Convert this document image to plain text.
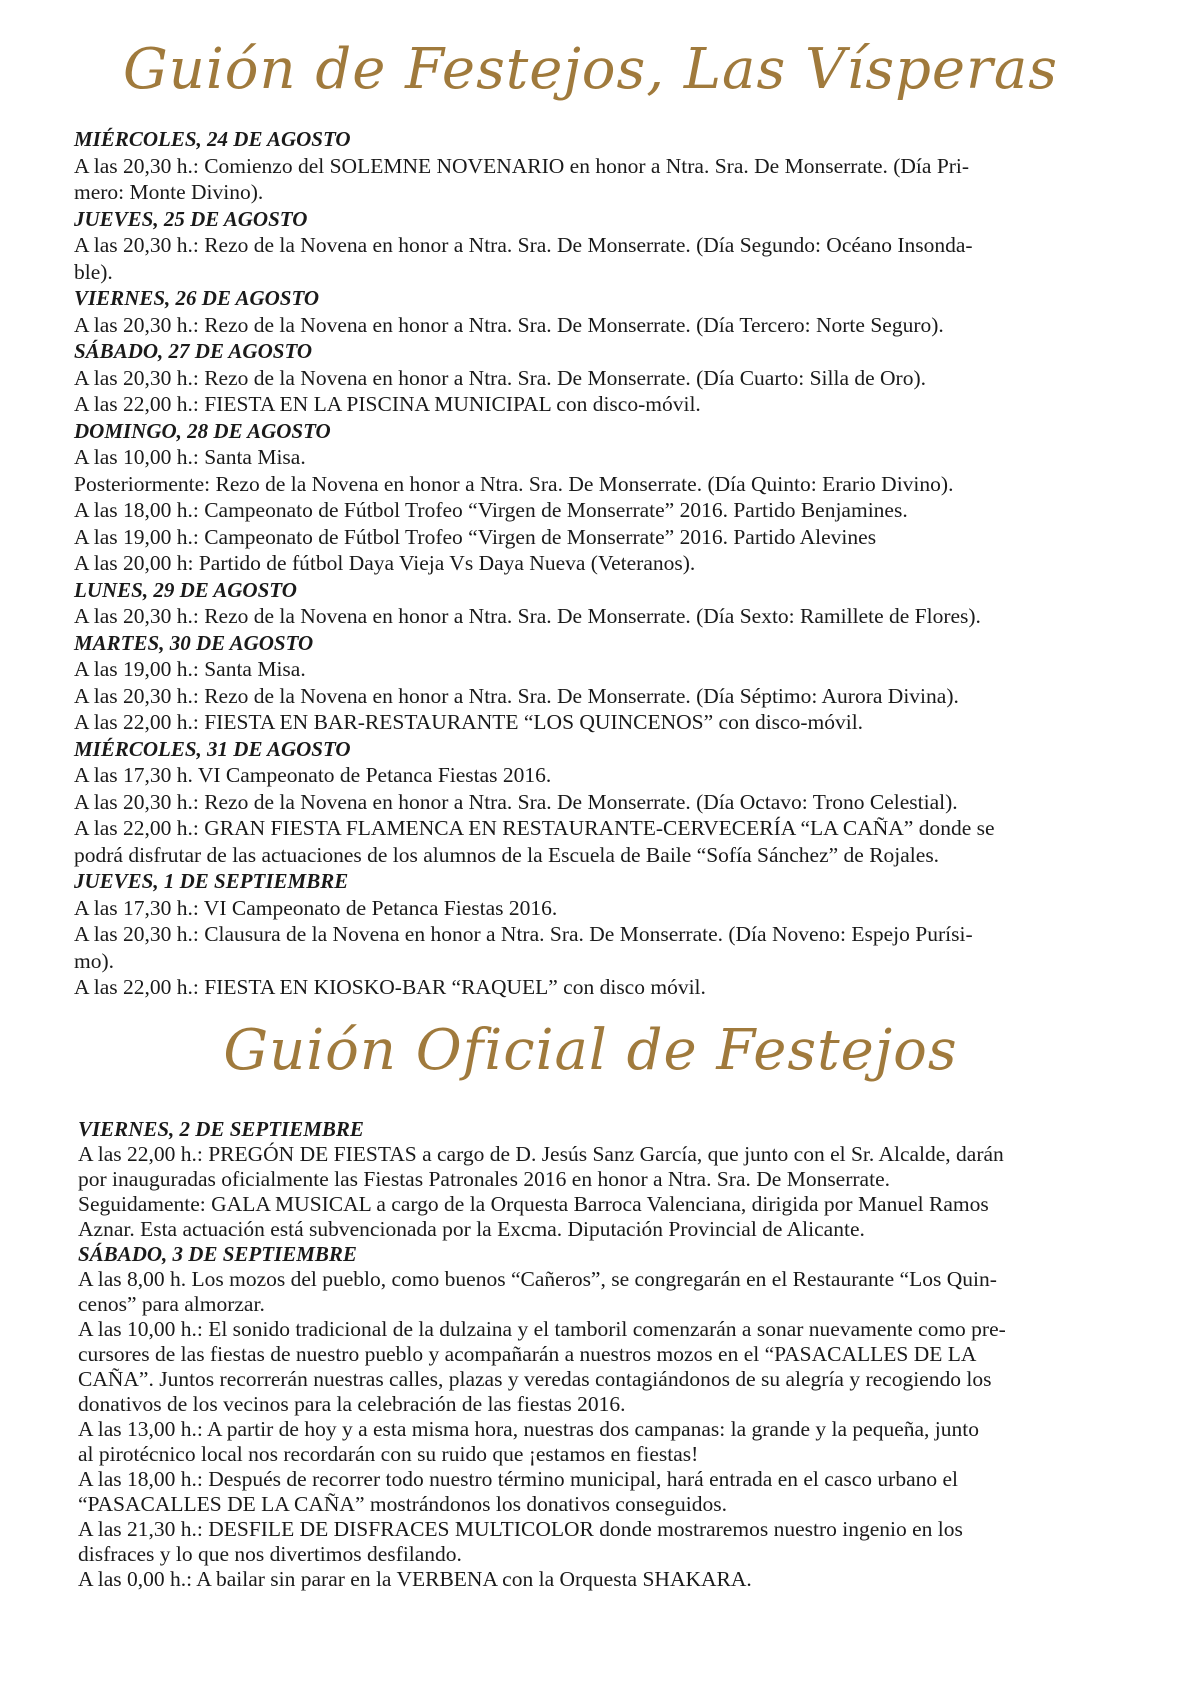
Guión de Festejos, Las Vísperas
MIÉRCOLES, 24 DE AGOSTO
A las 20,30 h.: Comienzo del SOLEMNE NOVENARIO en honor a Ntra. Sra. De Monserrate. (Día Pri-
mero: Monte Divino).
JUEVES, 25 DE AGOSTO
A las 20,30 h.: Rezo de la Novena en honor a Ntra. Sra. De Monserrate. (Día Segundo: Océano Insonda-
ble).
VIERNES, 26 DE AGOSTO
A las 20,30 h.: Rezo de la Novena en honor a Ntra. Sra. De Monserrate. (Día Tercero: Norte Seguro).
SÁBADO, 27 DE AGOSTO
A las 20,30 h.: Rezo de la Novena en honor a Ntra. Sra. De Monserrate. (Día Cuarto: Silla de Oro).
A las 22,00 h.: FIESTA EN LA PISCINA MUNICIPAL con disco-móvil.
DOMINGO, 28 DE AGOSTO
A las 10,00 h.: Santa Misa.
Posteriormente: Rezo de la Novena en honor a Ntra. Sra. De Monserrate. (Día Quinto: Erario Divino).
A las 18,00 h.: Campeonato de Fútbol Trofeo “Virgen de Monserrate” 2016. Partido Benjamines.
A las 19,00 h.: Campeonato de Fútbol Trofeo “Virgen de Monserrate” 2016. Partido Alevines
A las 20,00 h: Partido de fútbol Daya Vieja Vs Daya Nueva (Veteranos).
LUNES, 29 DE AGOSTO
A las 20,30 h.: Rezo de la Novena en honor a Ntra. Sra. De Monserrate. (Día Sexto: Ramillete de Flores).
MARTES, 30 DE AGOSTO
A las 19,00 h.: Santa Misa.
A las 20,30 h.: Rezo de la Novena en honor a Ntra. Sra. De Monserrate. (Día Séptimo: Aurora Divina).
A las 22,00 h.: FIESTA EN BAR-RESTAURANTE “LOS QUINCENOS” con disco-móvil.
MIÉRCOLES, 31 DE AGOSTO
A las 17,30 h. VI Campeonato de Petanca Fiestas 2016.
A las 20,30 h.: Rezo de la Novena en honor a Ntra. Sra. De Monserrate. (Día Octavo: Trono Celestial).
A las 22,00 h.: GRAN FIESTA FLAMENCA EN RESTAURANTE-CERVECERÍA “LA CAÑA” donde se
podrá disfrutar de las actuaciones de los alumnos de la Escuela de Baile “Sofía Sánchez” de Rojales.
JUEVES, 1 DE SEPTIEMBRE
A las 17,30 h.: VI Campeonato de Petanca Fiestas 2016.
A las 20,30 h.: Clausura de la Novena en honor a Ntra. Sra. De Monserrate. (Día Noveno: Espejo Purísi-
mo).
A las 22,00 h.: FIESTA EN KIOSKO-BAR “RAQUEL” con disco móvil.
Guión Oficial de Festejos
VIERNES, 2 DE SEPTIEMBRE
A las 22,00 h.: PREGÓN DE FIESTAS a cargo de D. Jesús Sanz García, que junto con el Sr. Alcalde, darán
por inauguradas oficialmente las Fiestas Patronales 2016 en honor a Ntra. Sra. De Monserrate.
Seguidamente: GALA MUSICAL a cargo de la Orquesta Barroca Valenciana, dirigida por Manuel Ramos
Aznar. Esta actuación está subvencionada por la Excma. Diputación Provincial de Alicante.
SÁBADO, 3 DE SEPTIEMBRE
A las 8,00 h. Los mozos del pueblo, como buenos “Cañeros”, se congregarán en el Restaurante “Los Quin-
cenos” para almorzar.
A las 10,00 h.: El sonido tradicional de la dulzaina y el tamboril comenzarán a sonar nuevamente como pre-
cursores de las fiestas de nuestro pueblo y acompañarán a nuestros mozos en el “PASACALLES DE LA
CAÑA”. Juntos recorrerán nuestras calles, plazas y veredas contagiándonos de su alegría y recogiendo los
donativos de los vecinos para la celebración de las fiestas 2016.
A las 13,00 h.: A partir de hoy y a esta misma hora, nuestras dos campanas: la grande y la pequeña, junto
al pirotécnico local nos recordarán con su ruido que ¡estamos en fiestas!
A las 18,00 h.: Después de recorrer todo nuestro término municipal, hará entrada en el casco urbano el
“PASACALLES DE LA CAÑA” mostrándonos los donativos conseguidos.
A las 21,30 h.: DESFILE DE DISFRACES MULTICOLOR donde mostraremos nuestro ingenio en los
disfraces y lo que nos divertimos desfilando.
A las 0,00 h.: A bailar sin parar en la VERBENA con la Orquesta SHAKARA.
